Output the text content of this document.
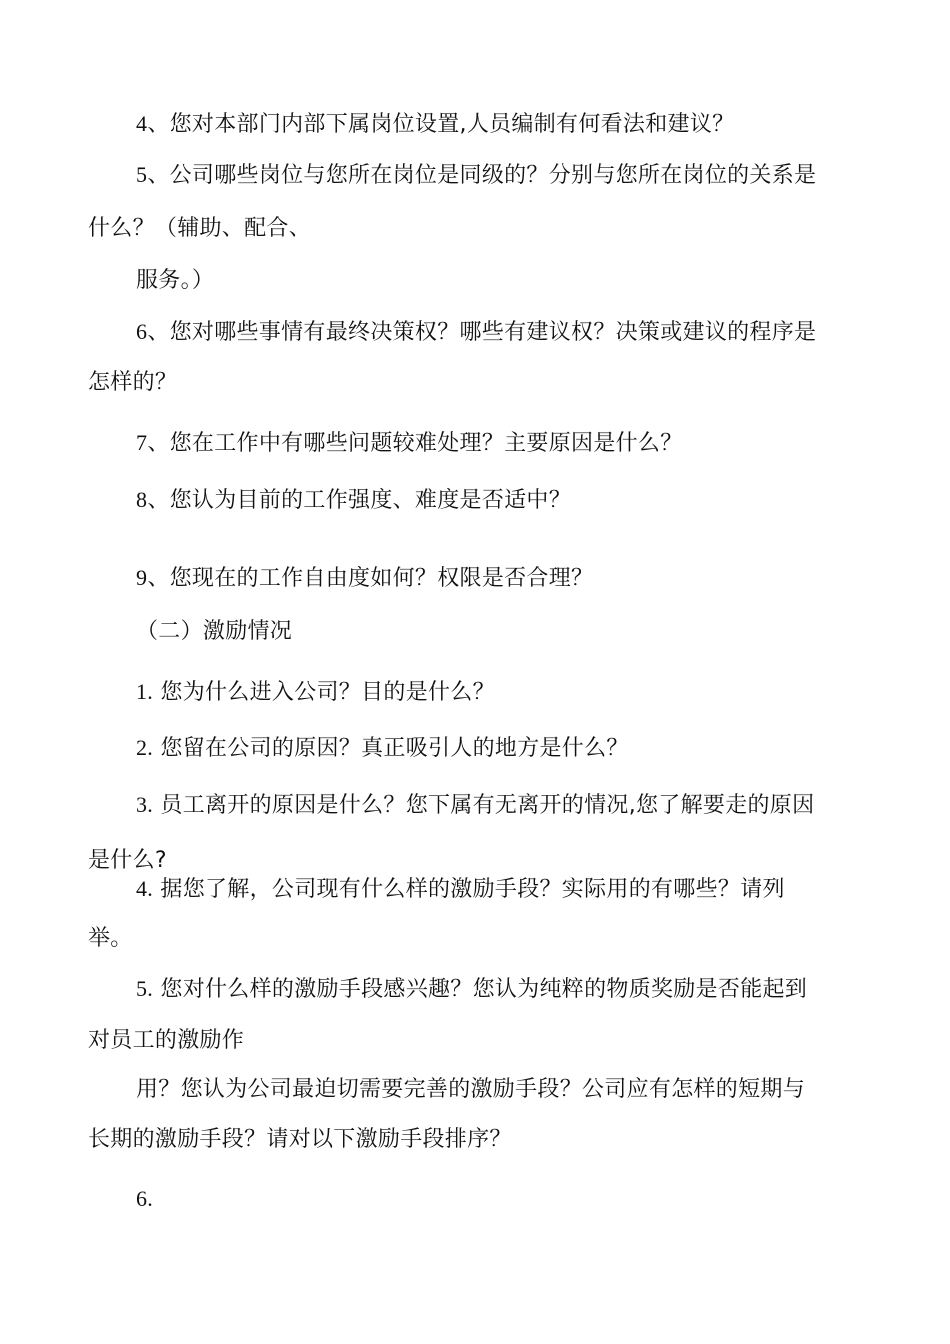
4、您对本部门内部下属岗位设置,人员编制有何看法和建议？
5、公司哪些岗位与您所在岗位是同级的？分别与您所在岗位的关系是
什么？（辅助、配合、
服务。）
6、您对哪些事情有最终决策权？哪些有建议权？决策或建议的程序是
怎样的？
7、您在工作中有哪些问题较难处理？主要原因是什么？
8、您认为目前的工作强度、难度是否适中？
9、您现在的工作自由度如何？权限是否合理？
（二）激励情况
1. 您为什么进入公司？目的是什么？
2. 您留在公司的原因？真正吸引人的地方是什么？
3. 员工离开的原因是什么？您下属有无离开的情况,您了解要走的原因
是什么?
4. 据您了解，公司现有什么样的激励手段？实际用的有哪些？请列
举。
5. 您对什么样的激励手段感兴趣？您认为纯粹的物质奖励是否能起到
对员工的激励作
用？您认为公司最迫切需要完善的激励手段？公司应有怎样的短期与
长期的激励手段？请对以下激励手段排序？
6.
